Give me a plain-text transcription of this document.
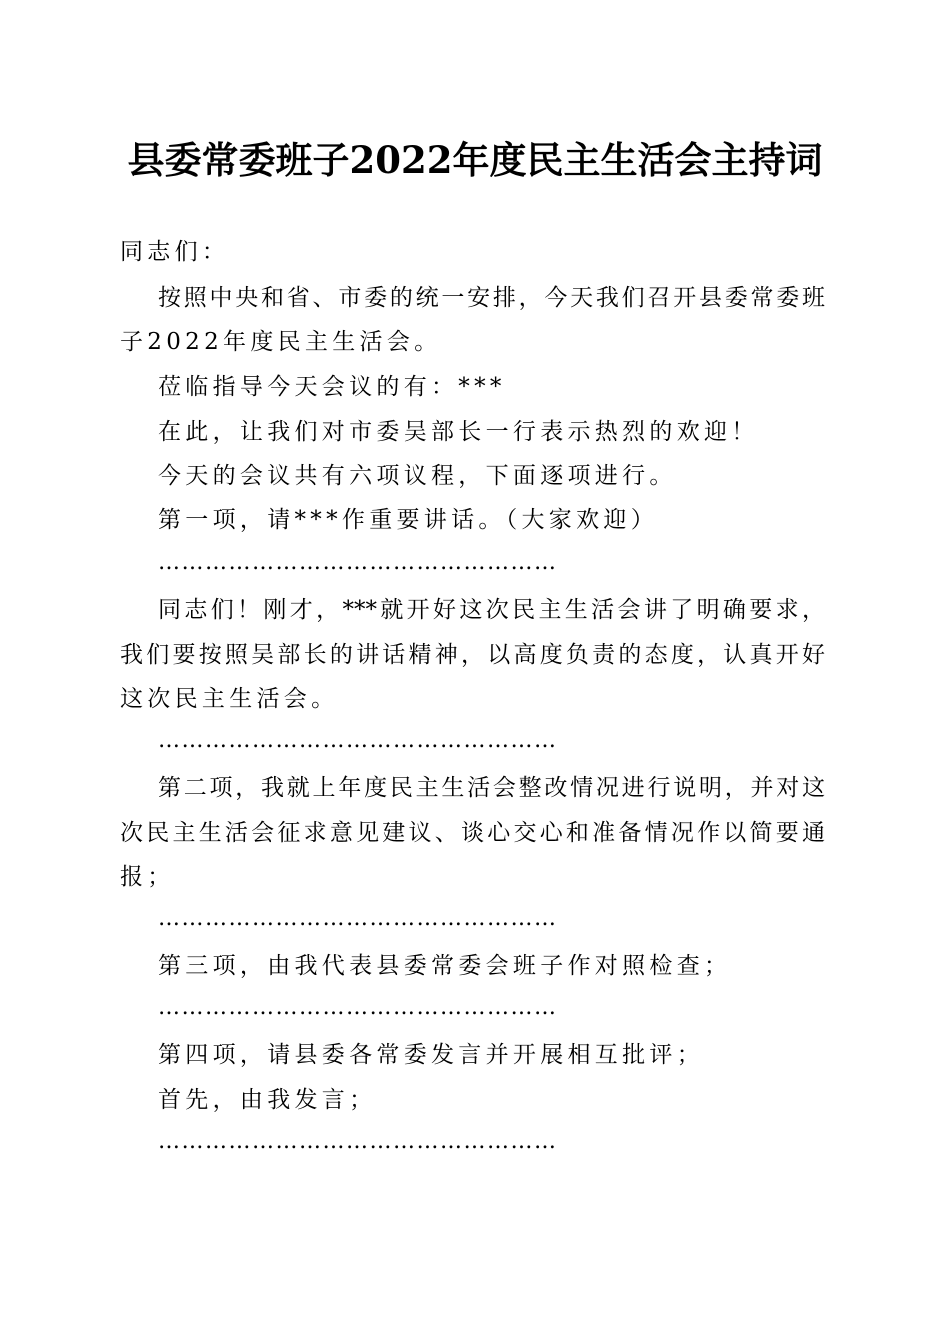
县委常委班子2022年度民主生活会主持词
同志们：
按照中央和省、市委的统一安排，今天我们召开县委常委班
子2022年度民主生活会。
莅临指导今天会议的有：***
在此，让我们对市委吴部长一行表示热烈的欢迎！
今天的会议共有六项议程，下面逐项进行。
第一项，请***作重要讲话。（大家欢迎）
……………………………………………
同志们！刚才，***就开好这次民主生活会讲了明确要求，
我们要按照吴部长的讲话精神，以高度负责的态度，认真开好
这次民主生活会。
……………………………………………
第二项，我就上年度民主生活会整改情况进行说明，并对这
次民主生活会征求意见建议、谈心交心和准备情况作以简要通
报；
……………………………………………
第三项，由我代表县委常委会班子作对照检查；
……………………………………………
第四项，请县委各常委发言并开展相互批评；
首先，由我发言；
……………………………………………
